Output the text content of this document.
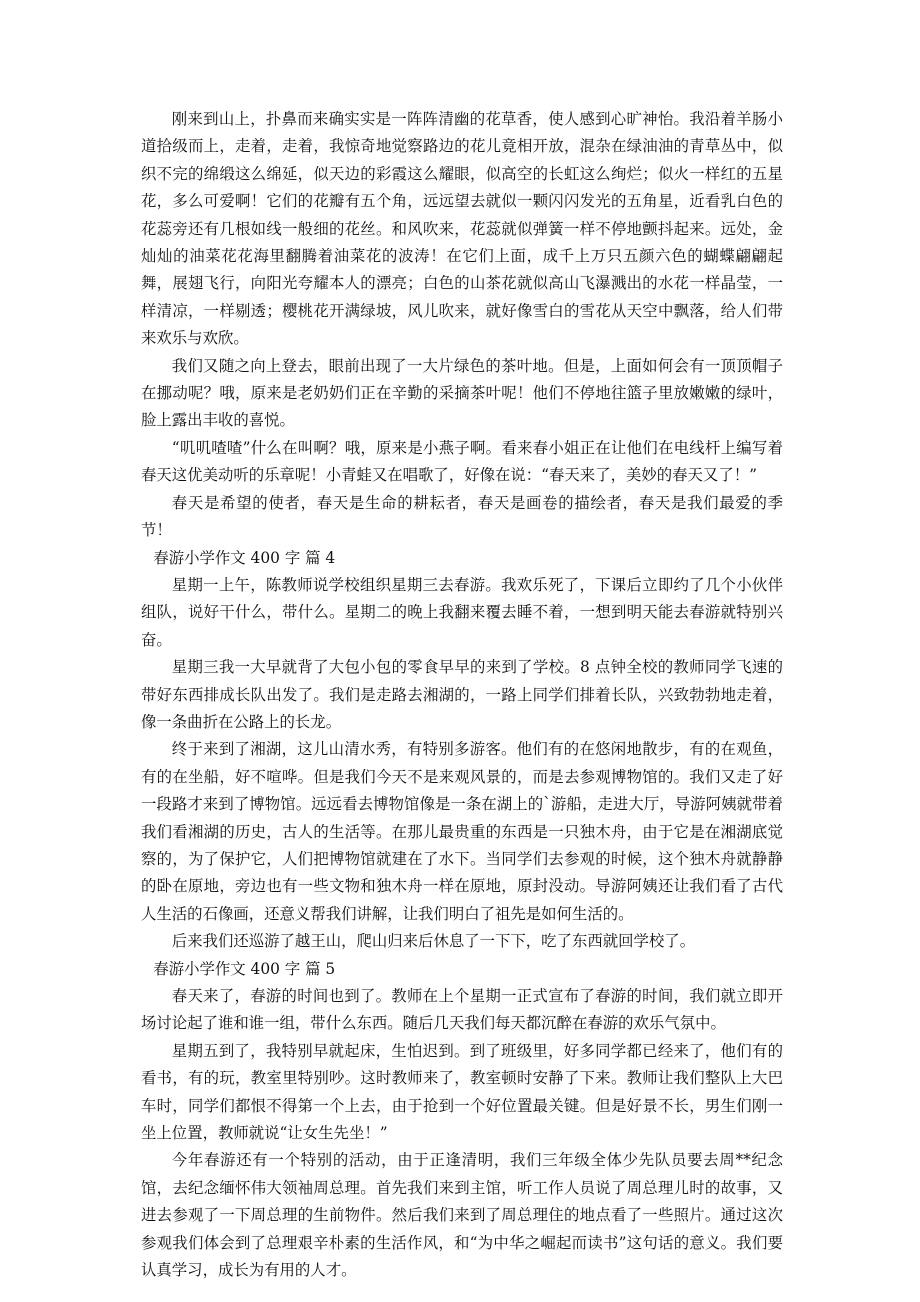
刚来到山上，扑鼻而来确实实是一阵阵清幽的花草香，使人感到心旷神怡。我沿着羊肠小道拾级而上，走着，走着，我惊奇地觉察路边的花儿竟相开放，混杂在绿油油的青草丛中，似织不完的绵缎这么绵延，似天边的彩霞这么耀眼，似高空的长虹这么绚烂；似火一样红的五星花，多么可爱啊！它们的花瓣有五个角，远远望去就似一颗闪闪发光的五角星，近看乳白色的花蕊旁还有几根如线一般细的花丝。和风吹来，花蕊就似弹簧一样不停地颤抖起来。远处，金灿灿的油菜花花海里翻腾着油菜花的波涛！在它们上面，成千上万只五颜六色的蝴蝶翩翩起舞，展翅飞行，向阳光夸耀本人的漂亮；白色的山茶花就似高山飞瀑溅出的水花一样晶莹，一样清凉，一样剔透；樱桃花开满绿坡，风儿吹来，就好像雪白的雪花从天空中飘落，给人们带来欢乐与欢欣。

我们又随之向上登去，眼前出现了一大片绿色的茶叶地。但是，上面如何会有一顶顶帽子在挪动呢？哦，原来是老奶奶们正在辛勤的采摘茶叶呢！他们不停地往篮子里放嫩嫩的绿叶，脸上露出丰收的喜悦。

“叽叽喳喳”什么在叫啊？哦，原来是小燕子啊。看来春小姐正在让他们在电线杆上编写着春天这优美动听的乐章呢！小青蛙又在唱歌了，好像在说：“春天来了，美妙的春天又了！”

春天是希望的使者，春天是生命的耕耘者，春天是画卷的描绘者，春天是我们最爱的季节！

春游小学作文 400 字 篇 4

星期一上午，陈教师说学校组织星期三去春游。我欢乐死了，下课后立即约了几个小伙伴组队，说好干什么，带什么。星期二的晚上我翻来覆去睡不着，一想到明天能去春游就特别兴奋。

星期三我一大早就背了大包小包的零食早早的来到了学校。8 点钟全校的教师同学飞速的带好东西排成长队出发了。我们是走路去湘湖的，一路上同学们排着长队，兴致勃勃地走着，像一条曲折在公路上的长龙。

终于来到了湘湖，这儿山清水秀，有特别多游客。他们有的在悠闲地散步，有的在观鱼，有的在坐船，好不喧哗。但是我们今天不是来观风景的，而是去参观博物馆的。我们又走了好一段路才来到了博物馆。远远看去博物馆像是一条在湖上的`游船，走进大厅，导游阿姨就带着我们看湘湖的历史，古人的生活等。在那儿最贵重的东西是一只独木舟，由于它是在湘湖底觉察的，为了保护它，人们把博物馆就建在了水下。当同学们去参观的时候，这个独木舟就静静的卧在原地，旁边也有一些文物和独木舟一样在原地，原封没动。导游阿姨还让我们看了古代人生活的石像画，还意义帮我们讲解，让我们明白了祖先是如何生活的。

后来我们还巡游了越王山，爬山归来后休息了一下下，吃了东西就回学校了。

春游小学作文 400 字 篇 5

春天来了，春游的时间也到了。教师在上个星期一正式宣布了春游的时间，我们就立即开场讨论起了谁和谁一组，带什么东西。随后几天我们每天都沉醉在春游的欢乐气氛中。

星期五到了，我特别早就起床，生怕迟到。到了班级里，好多同学都已经来了，他们有的看书，有的玩，教室里特别吵。这时教师来了，教室顿时安静了下来。教师让我们整队上大巴车时，同学们都恨不得第一个上去，由于抢到一个好位置最关键。但是好景不长，男生们刚一坐上位置，教师就说“让女生先坐！”

今年春游还有一个特别的活动，由于正逢清明，我们三年级全体少先队员要去周**纪念馆，去纪念缅怀伟大领袖周总理。首先我们来到主馆，听工作人员说了周总理儿时的故事，又进去参观了一下周总理的生前物件。然后我们来到了周总理住的地点看了一些照片。通过这次参观我们体会到了总理艰辛朴素的生活作风，和“为中华之崛起而读书”这句话的意义。我们要认真学习，成长为有用的人才。
